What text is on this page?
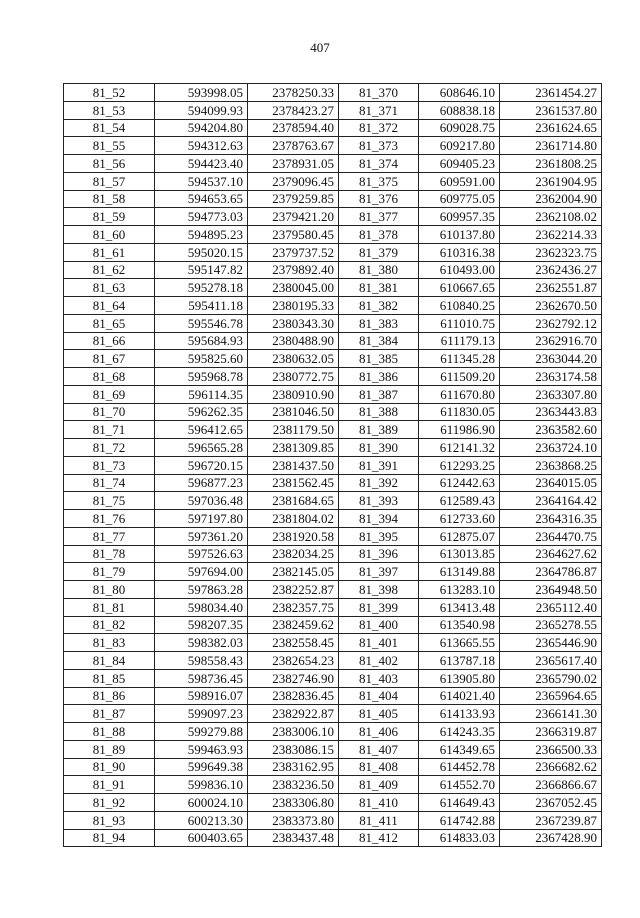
407
81_52	593998.05	2378250.33	81_370	608646.10	2361454.27
81_53	594099.93	2378423.27	81_371	608838.18	2361537.80
81_54	594204.80	2378594.40	81_372	609028.75	2361624.65
81_55	594312.63	2378763.67	81_373	609217.80	2361714.80
81_56	594423.40	2378931.05	81_374	609405.23	2361808.25
81_57	594537.10	2379096.45	81_375	609591.00	2361904.95
81_58	594653.65	2379259.85	81_376	609775.05	2362004.90
81_59	594773.03	2379421.20	81_377	609957.35	2362108.02
81_60	594895.23	2379580.45	81_378	610137.80	2362214.33
81_61	595020.15	2379737.52	81_379	610316.38	2362323.75
81_62	595147.82	2379892.40	81_380	610493.00	2362436.27
81_63	595278.18	2380045.00	81_381	610667.65	2362551.87
81_64	595411.18	2380195.33	81_382	610840.25	2362670.50
81_65	595546.78	2380343.30	81_383	611010.75	2362792.12
81_66	595684.93	2380488.90	81_384	611179.13	2362916.70
81_67	595825.60	2380632.05	81_385	611345.28	2363044.20
81_68	595968.78	2380772.75	81_386	611509.20	2363174.58
81_69	596114.35	2380910.90	81_387	611670.80	2363307.80
81_70	596262.35	2381046.50	81_388	611830.05	2363443.83
81_71	596412.65	2381179.50	81_389	611986.90	2363582.60
81_72	596565.28	2381309.85	81_390	612141.32	2363724.10
81_73	596720.15	2381437.50	81_391	612293.25	2363868.25
81_74	596877.23	2381562.45	81_392	612442.63	2364015.05
81_75	597036.48	2381684.65	81_393	612589.43	2364164.42
81_76	597197.80	2381804.02	81_394	612733.60	2364316.35
81_77	597361.20	2381920.58	81_395	612875.07	2364470.75
81_78	597526.63	2382034.25	81_396	613013.85	2364627.62
81_79	597694.00	2382145.05	81_397	613149.88	2364786.87
81_80	597863.28	2382252.87	81_398	613283.10	2364948.50
81_81	598034.40	2382357.75	81_399	613413.48	2365112.40
81_82	598207.35	2382459.62	81_400	613540.98	2365278.55
81_83	598382.03	2382558.45	81_401	613665.55	2365446.90
81_84	598558.43	2382654.23	81_402	613787.18	2365617.40
81_85	598736.45	2382746.90	81_403	613905.80	2365790.02
81_86	598916.07	2382836.45	81_404	614021.40	2365964.65
81_87	599097.23	2382922.87	81_405	614133.93	2366141.30
81_88	599279.88	2383006.10	81_406	614243.35	2366319.87
81_89	599463.93	2383086.15	81_407	614349.65	2366500.33
81_90	599649.38	2383162.95	81_408	614452.78	2366682.62
81_91	599836.10	2383236.50	81_409	614552.70	2366866.67
81_92	600024.10	2383306.80	81_410	614649.43	2367052.45
81_93	600213.30	2383373.80	81_411	614742.88	2367239.87
81_94	600403.65	2383437.48	81_412	614833.03	2367428.90
